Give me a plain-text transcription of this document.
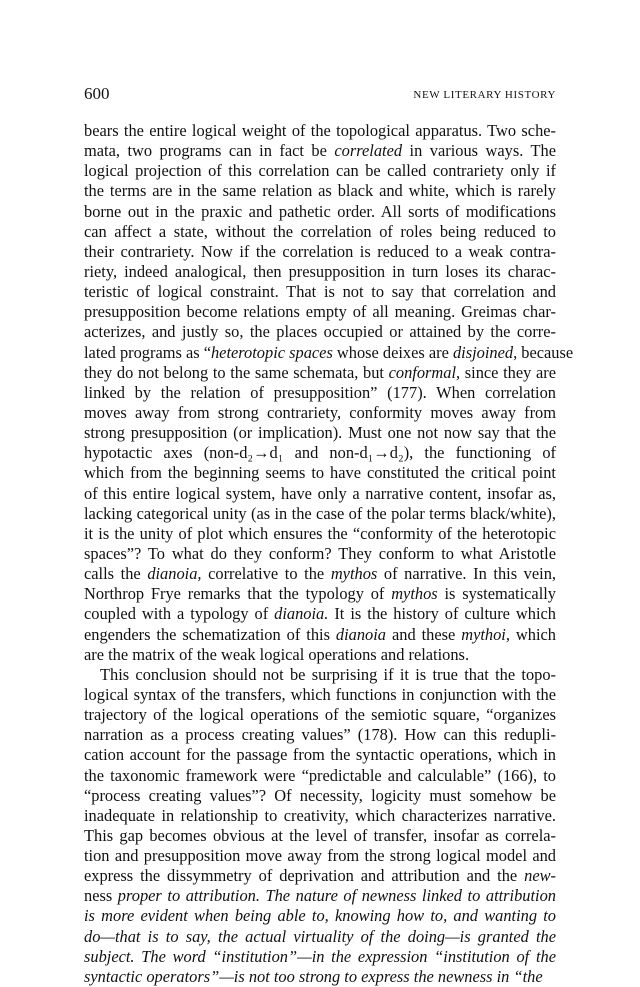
600	NEW LITERARY HISTORY
bears the entire logical weight of the topological apparatus. Two sche-
mata, two programs can in fact be correlated in various ways. The
logical projection of this correlation can be called contrariety only if
the terms are in the same relation as black and white, which is rarely
borne out in the praxic and pathetic order. All sorts of modifications
can affect a state, without the correlation of roles being reduced to
their contrariety. Now if the correlation is reduced to a weak contra-
riety, indeed analogical, then presupposition in turn loses its charac-
teristic of logical constraint. That is not to say that correlation and
presupposition become relations empty of all meaning. Greimas char-
acterizes, and justly so, the places occupied or attained by the corre-
lated programs as “heterotopic spaces whose deixes are disjoined, because
they do not belong to the same schemata, but conformal, since they are
linked by the relation of presupposition” (177). When correlation
moves away from strong contrariety, conformity moves away from
strong presupposition (or implication). Must one not now say that the
hypotactic axes (non-d₂→d₁ and non-d₁→d₂), the functioning of
which from the beginning seems to have constituted the critical point
of this entire logical system, have only a narrative content, insofar as,
lacking categorical unity (as in the case of the polar terms black/white),
it is the unity of plot which ensures the “conformity of the heterotopic
spaces”? To what do they conform? They conform to what Aristotle
calls the dianoia, correlative to the mythos of narrative. In this vein,
Northrop Frye remarks that the typology of mythos is systematically
coupled with a typology of dianoia. It is the history of culture which
engenders the schematization of this dianoia and these mythoi, which
are the matrix of the weak logical operations and relations.
This conclusion should not be surprising if it is true that the topo-
logical syntax of the transfers, which functions in conjunction with the
trajectory of the logical operations of the semiotic square, “organizes
narration as a process creating values” (178). How can this redupli-
cation account for the passage from the syntactic operations, which in
the taxonomic framework were “predictable and calculable” (166), to
“process creating values”? Of necessity, logicity must somehow be
inadequate in relationship to creativity, which characterizes narrative.
This gap becomes obvious at the level of transfer, insofar as correla-
tion and presupposition move away from the strong logical model and
express the dissymmetry of deprivation and attribution and the new-
ness proper to attribution. The nature of newness linked to attribution
is more evident when being able to, knowing how to, and wanting to
do—that is to say, the actual virtuality of the doing—is granted the
subject. The word “institution”—in the expression “institution of the
syntactic operators”—is not too strong to express the newness in “the
